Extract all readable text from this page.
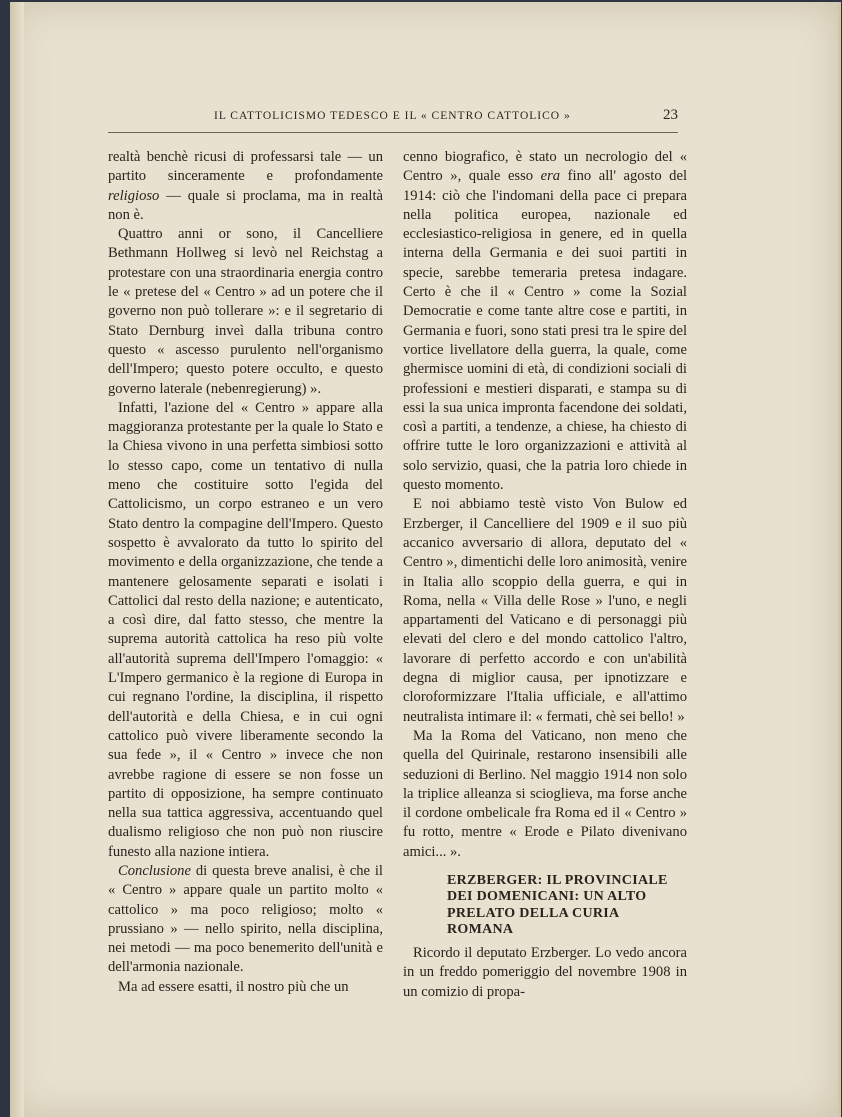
IL CATTOLICISMO TEDESCO E IL « CENTRO CATTOLICO »	23

realtà benchè ricusi di professarsi tale — un partito sinceramente e profondamente religioso — quale si proclama, ma in realtà non è.

Quattro anni or sono, il Cancelliere Bethmann Hollweg si levò nel Reichstag a protestare con una straordinaria energia contro le « pretese del « Centro » ad un potere che il governo non può tollerare »: e il segretario di Stato Dernburg inveì dalla tribuna contro questo « ascesso purulento nell'organismo dell'Impero; questo potere occulto, e questo governo laterale (nebenregierung) ».

Infatti, l'azione del « Centro » appare alla maggioranza protestante per la quale lo Stato e la Chiesa vivono in una perfetta simbiosi sotto lo stesso capo, come un tentativo di nulla meno che costituire sotto l'egida del Cattolicismo, un corpo estraneo e un vero Stato dentro la compagine dell'Impero. Questo sospetto è avvalorato da tutto lo spirito del movimento e della organizzazione, che tende a mantenere gelosamente separati e isolati i Cattolici dal resto della nazione; e autenticato, a così dire, dal fatto stesso, che mentre la suprema autorità cattolica ha reso più volte all'autorità suprema dell'Impero l'omaggio: « L'Impero germanico è la regione di Europa in cui regnano l'ordine, la disciplina, il rispetto dell'autorità e della Chiesa, e in cui ogni cattolico può vivere liberamente secondo la sua fede », il « Centro » invece che non avrebbe ragione di essere se non fosse un partito di opposizione, ha sempre continuato nella sua tattica aggressiva, accentuando quel dualismo religioso che non può non riuscire funesto alla nazione intiera.

Conclusione di questa breve analisi, è che il « Centro » appare quale un partito molto « cattolico » ma poco religioso; molto « prussiano » — nello spirito, nella disciplina, nei metodi — ma poco benemerito dell'unità e dell'armonia nazionale.

Ma ad essere esatti, il nostro più che un

cenno biografico, è stato un necrologio del « Centro », quale esso era fino all' agosto del 1914: ciò che l'indomani della pace ci prepara nella politica europea, nazionale ed ecclesiastico-religiosa in genere, ed in quella interna della Germania e dei suoi partiti in specie, sarebbe temeraria pretesa indagare. Certo è che il « Centro » come la Sozial Democratie e come tante altre cose e partiti, in Germania e fuori, sono stati presi tra le spire del vortice livellatore della guerra, la quale, come ghermisce uomini di età, di condizioni sociali di professioni e mestieri disparati, e stampa su di essi la sua unica impronta facendone dei soldati, così a partiti, a tendenze, a chiese, ha chiesto di offrire tutte le loro organizzazioni e attività al solo servizio, quasi, che la patria loro chiede in questo momento.

E noi abbiamo testè visto Von Bulow ed Erzberger, il Cancelliere del 1909 e il suo più accanico avversario di allora, deputato del « Centro », dimentichi delle loro animosità, venire in Italia allo scoppio della guerra, e qui in Roma, nella « Villa delle Rose » l'uno, e negli appartamenti del Vaticano e di personaggi più elevati del clero e del mondo cattolico l'altro, lavorare di perfetto accordo e con un'abilità degna di miglior causa, per ipnotizzare e cloroformizzare l'Italia ufficiale, e all'attimo neutralista intimare il: « fermati, chè sei bello! »

Ma la Roma del Vaticano, non meno che quella del Quirinale, restarono insensibili alle seduzioni di Berlino. Nel maggio 1914 non solo la triplice alleanza si scioglieva, ma forse anche il cordone ombelicale fra Roma ed il « Centro » fu rotto, mentre « Erode e Pilato divenivano amici... ».

ERZBERGER: IL PROVINCIALE DEI DOMENICANI: UN ALTO PRELATO DELLA CURIA ROMANA

Ricordo il deputato Erzberger. Lo vedo ancora in un freddo pomeriggio del novembre 1908 in un comizio di propa-
